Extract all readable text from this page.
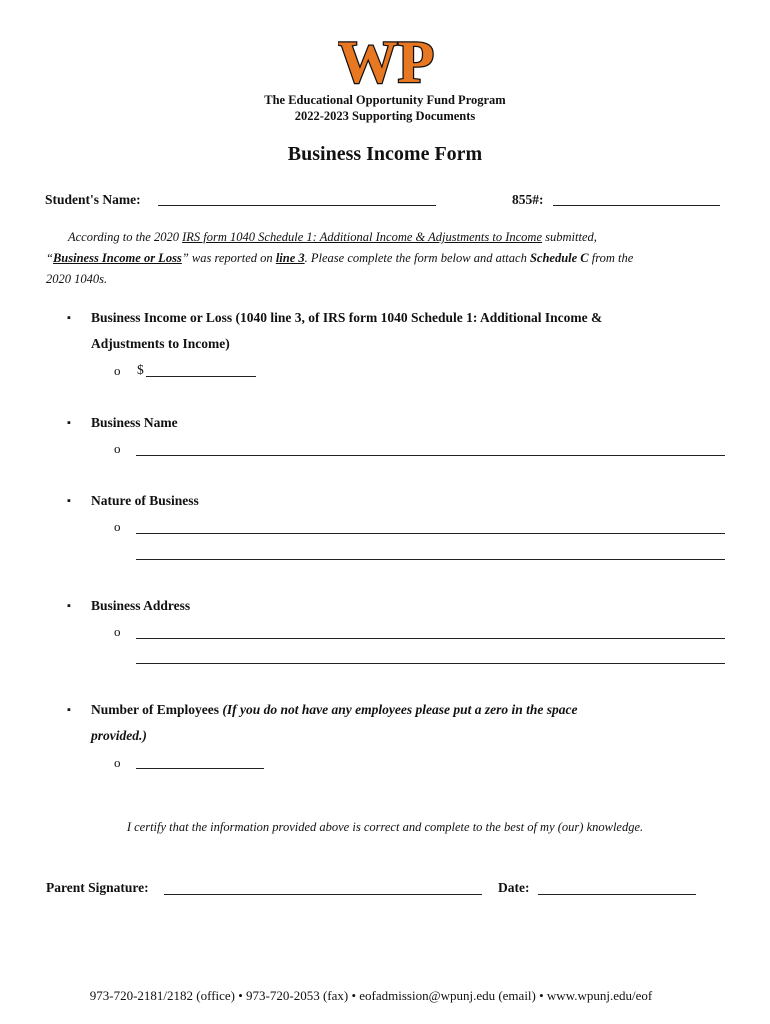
WP
The Educational Opportunity Fund Program
2022-2023 Supporting Documents
Business Income Form
Student's Name:	855#:
According to the 2020 IRS form 1040 Schedule 1: Additional Income & Adjustments to Income submitted,
“Business Income or Loss” was reported on line 3. Please complete the form below and attach Schedule C from the
2020 1040s.
▪ Business Income or Loss (1040 line 3, of IRS form 1040 Schedule 1: Additional Income &
Adjustments to Income)
o $
▪ Business Name
o
▪ Nature of Business
o
▪ Business Address
o
▪ Number of Employees (If you do not have any employees please put a zero in the space
provided.)
o
I certify that the information provided above is correct and complete to the best of my (our) knowledge.
Parent Signature:	Date:
973-720-2181/2182 (office) • 973-720-2053 (fax) • eofadmission@wpunj.edu (email) • www.wpunj.edu/eof
